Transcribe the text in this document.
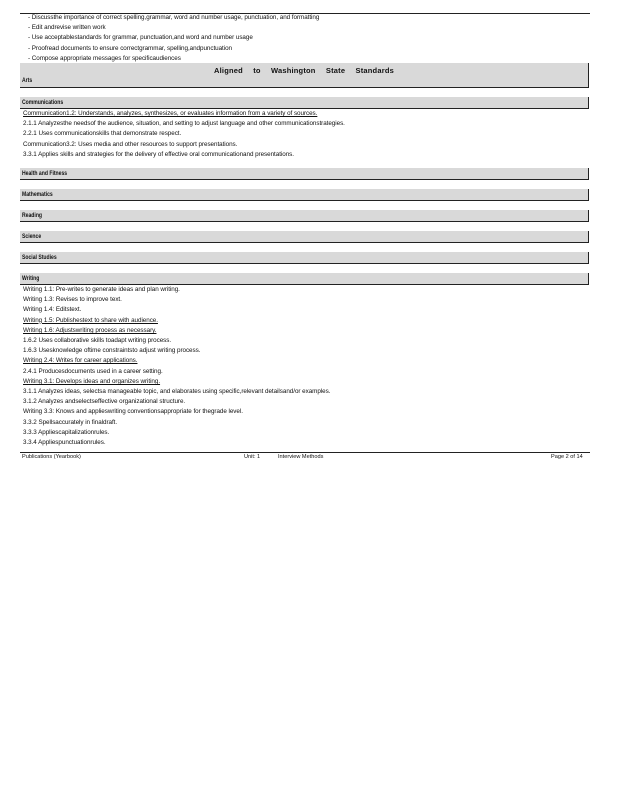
- Discussthe importance of correct spelling,grammar, word and number usage, punctuation, and formatting
- Edit andrevise written work
- Use acceptablestandards for grammar, punctuation,and word and number usage
- Proofread documents to ensure correctgrammar, spelling,andpunctuation
- Compose appropriate messages for specificaudiences
Aligned to Washington State Standards
Arts
Communications
Communication1.2: Understands, analyzes, synthesizes, or evaluates information from a variety of sources.
2.1.1 Analyzesthe needsof the audience, situation, and setting to adjust language and other communicationstrategies.
2.2.1 Uses communicationskills that demonstrate respect.
Communication3.2: Uses media and other resources to support presentations.
3.3.1 Applies skills and strategies for the delivery of effective oral communicationand presentations.
Health and Fitness
Mathematics
Reading
Science
Social Studies
Writing
Writing 1.1: Pre-writes to generate ideas and plan writing.
Writing 1.3: Revises to improve text.
Writing 1.4: Editstext.
Writing 1.5: Publishestext to share with audience.
Writing 1.6: Adjustswriting process as necessary.
1.6.2 Uses collaborative skills toadapt writing process.
1.6.3 Usesknowledge oftime constraintsto adjust writing process.
Writing 2.4: Writes for career applications.
2.4.1 Producesdocuments used in a career setting.
Writing 3.1: Develops ideas and organizes writing.
3.1.1 Analyzes ideas, selectsa manageable topic, and elaborates using specific,relevant detailsand/or examples.
3.1.2 Analyzes andselectseffective organizational structure.
Writing 3.3: Knows and applieswriting conventionsappropriate for thegrade level.
3.3.2 Spellsaccurately in finaldraft.
3.3.3 Appliescapitalizationrules.
3.3.4 Appliespunctuationrules.
Publications (Yearbook)	Unit: 1	Interview Methods	Page 2 of 14
